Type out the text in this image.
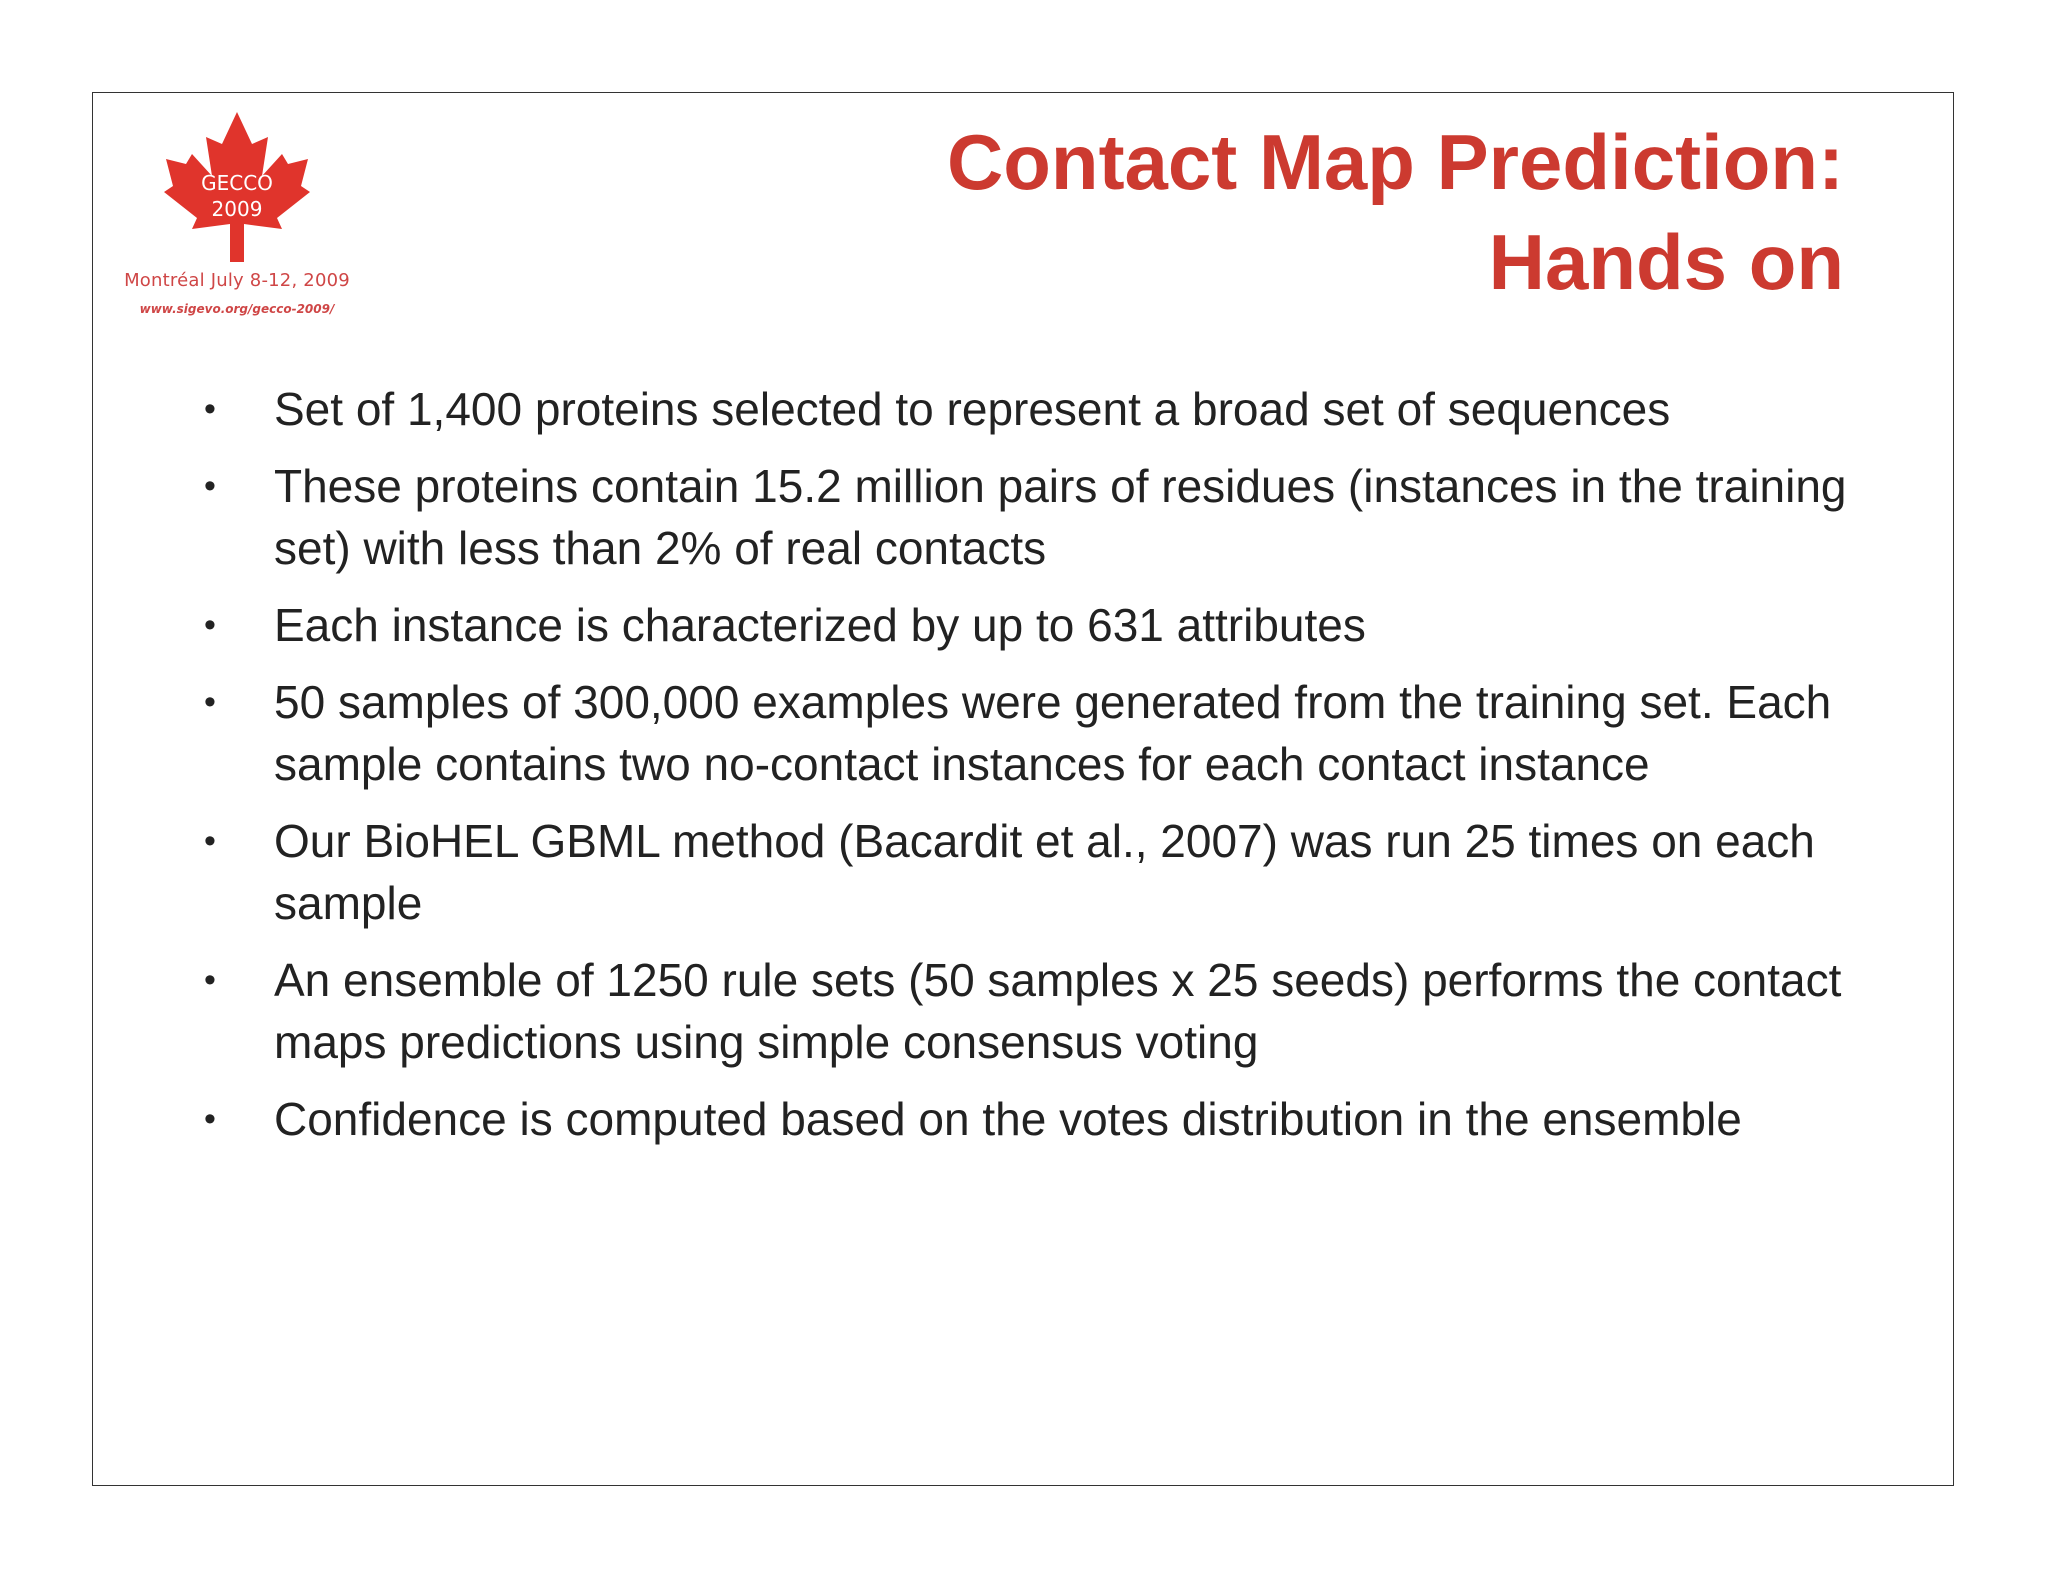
GECCO
2009
Montréal July 8-12, 2009
www.sigevo.org/gecco-2009/
Contact Map Prediction:
Hands on
• Set of 1,400 proteins selected to represent a broad set of sequences
• These proteins contain 15.2 million pairs of residues (instances in the training set) with less than 2% of real contacts
• Each instance is characterized by up to 631 attributes
• 50 samples of 300,000 examples were generated from the training set. Each sample contains two no-contact instances for each contact instance
• Our BioHEL GBML method (Bacardit et al., 2007) was run 25 times on each sample
• An ensemble of 1250 rule sets (50 samples x 25 seeds) performs the contact maps predictions using simple consensus voting
• Confidence is computed based on the votes distribution in the ensemble
